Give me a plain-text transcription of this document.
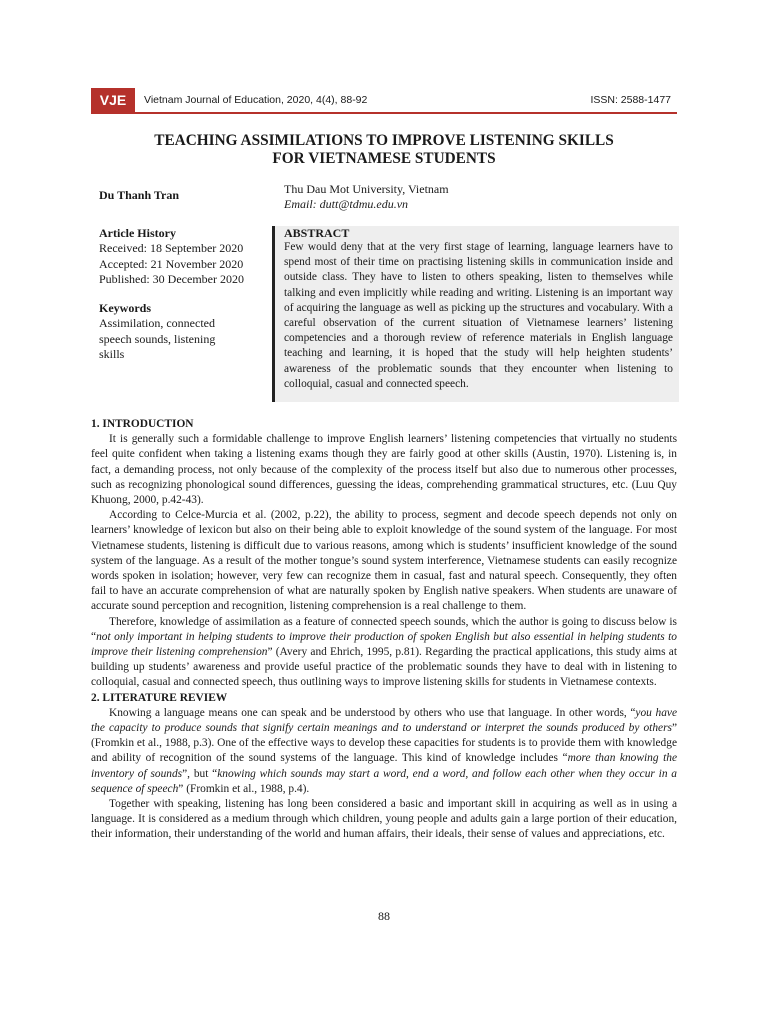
VJE	Vietnam Journal of Education, 2020, 4(4), 88-92	ISSN: 2588-1477
TEACHING ASSIMILATIONS TO IMPROVE LISTENING SKILLS
FOR VIETNAMESE STUDENTS
Du Thanh Tran	Thu Dau Mot University, Vietnam
Email: dutt@tdmu.edu.vn
Article History
Received: 18 September 2020
Accepted: 21 November 2020
Published: 30 December 2020
Keywords
Assimilation, connected
speech sounds, listening
skills
ABSTRACT
Few would deny that at the very first stage of learning, language learners have to spend most of their time on practising listening skills in communication inside and outside class. They have to listen to others speaking, listen to themselves while talking and even implicitly while reading and writing. Listening is an important way of acquiring the language as well as picking up the structures and vocabulary. With a careful observation of the current situation of Vietnamese learners’ listening competencies and a thorough review of reference materials in English language teaching and learning, it is hoped that the study will help heighten students’ awareness of the problematic sounds that they encounter when listening to colloquial, casual and connected speech.
1. INTRODUCTION

It is generally such a formidable challenge to improve English learners’ listening competencies that virtually no students feel quite confident when taking a listening exams though they are fairly good at other skills (Austin, 1970). Listening is, in fact, a demanding process, not only because of the complexity of the process itself but also due to numerous other processes, such as recognizing phonological sound differences, guessing the ideas, comprehending grammatical structures, etc. (Luu Quy Khuong, 2000, p.42-43).

According to Celce-Murcia et al. (2002, p.22), the ability to process, segment and decode speech depends not only on learners’ knowledge of lexicon but also on their being able to exploit knowledge of the sound system of the language. For most Vietnamese students, listening is difficult due to various reasons, among which is students’ insufficient knowledge of the sound system of the language. As a result of the mother tongue’s sound system interference, Vietnamese students can easily recognize words spoken in isolation; however, very few can recognize them in casual, fast and natural speech. Consequently, they often fail to have an accurate comprehension of what are naturally spoken by English native speakers. When students are unaware of accurate sound perception and recognition, listening comprehension is a real challenge to them.

Therefore, knowledge of assimilation as a feature of connected speech sounds, which the author is going to discuss below is “not only important in helping students to improve their production of spoken English but also essential in helping students to improve their listening comprehension” (Avery and Ehrich, 1995, p.81). Regarding the practical applications, this study aims at building up students’ awareness and provide useful practice of the problematic sounds they have to deal with in listening to colloquial, casual and connected speech, thus outlining ways to improve listening skills for students in Vietnamese contexts.

2. LITERATURE REVIEW

Knowing a language means one can speak and be understood by others who use that language. In other words, “you have the capacity to produce sounds that signify certain meanings and to understand or interpret the sounds produced by others” (Fromkin et al., 1988, p.3). One of the effective ways to develop these capacities for students is to provide them with knowledge and ability of recognition of the sound systems of the language. This kind of knowledge includes “more than knowing the inventory of sounds”, but “knowing which sounds may start a word, end a word, and follow each other when they occur in a sequence of speech” (Fromkin et al., 1988, p.4).

Together with speaking, listening has long been considered a basic and important skill in acquiring as well as in using a language. It is considered as a medium through which children, young people and adults gain a large portion of their education, their information, their understanding of the world and human affairs, their ideals, their sense of values and appreciations, etc.

88
